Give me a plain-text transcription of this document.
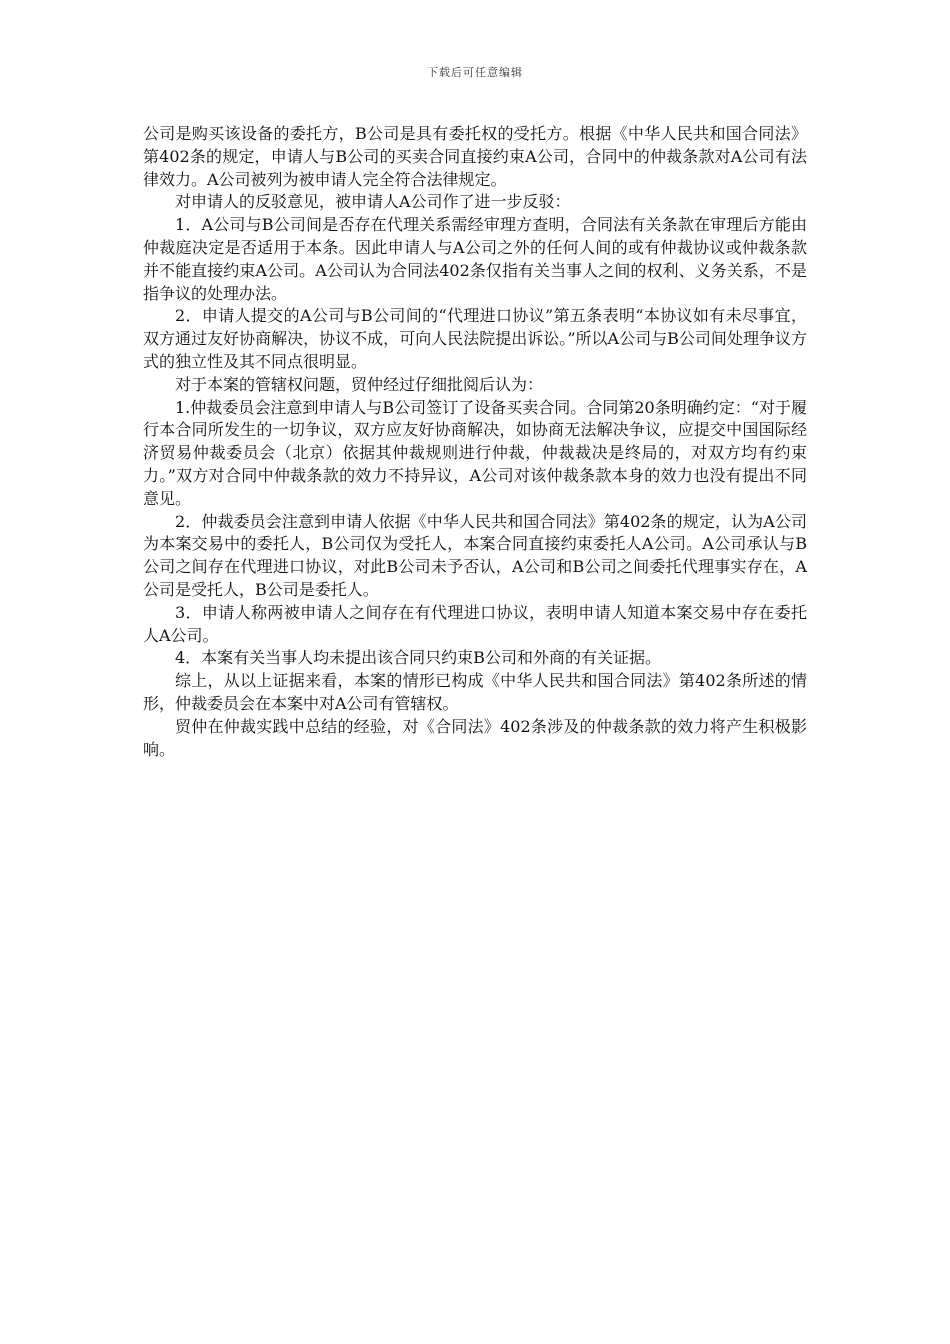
下载后可任意编辑

公司是购买该设备的委托方，B公司是具有委托权的受托方。根据《中华人民共和国合同法》第402条的规定，申请人与B公司的买卖合同直接约束A公司，合同中的仲裁条款对A公司有法律效力。A公司被列为被申请人完全符合法律规定。

对申请人的反驳意见，被申请人A公司作了进一步反驳：

1．A公司与B公司间是否存在代理关系需经审理方查明，合同法有关条款在审理后方能由仲裁庭决定是否适用于本条。因此申请人与A公司之外的任何人间的或有仲裁协议或仲裁条款并不能直接约束A公司。A公司认为合同法402条仅指有关当事人之间的权利、义务关系，不是指争议的处理办法。

2．申请人提交的A公司与B公司间的“代理进口协议”第五条表明“本协议如有未尽事宜，双方通过友好协商解决，协议不成，可向人民法院提出诉讼。”所以A公司与B公司间处理争议方式的独立性及其不同点很明显。

对于本案的管辖权问题，贸仲经过仔细批阅后认为：

1.仲裁委员会注意到申请人与B公司签订了设备买卖合同。合同第20条明确约定：“对于履行本合同所发生的一切争议，双方应友好协商解决，如协商无法解决争议，应提交中国国际经济贸易仲裁委员会（北京）依据其仲裁规则进行仲裁，仲裁裁决是终局的，对双方均有约束力。”双方对合同中仲裁条款的效力不持异议，A公司对该仲裁条款本身的效力也没有提出不同意见。

2．仲裁委员会注意到申请人依据《中华人民共和国合同法》第402条的规定，认为A公司为本案交易中的委托人，B公司仅为受托人，本案合同直接约束委托人A公司。A公司承认与B公司之间存在代理进口协议，对此B公司未予否认，A公司和B公司之间委托代理事实存在，A公司是受托人，B公司是委托人。

3．申请人称两被申请人之间存在有代理进口协议，表明申请人知道本案交易中存在委托人A公司。

4．本案有关当事人均未提出该合同只约束B公司和外商的有关证据。

综上，从以上证据来看，本案的情形已构成《中华人民共和国合同法》第402条所述的情形，仲裁委员会在本案中对A公司有管辖权。

贸仲在仲裁实践中总结的经验，对《合同法》402条涉及的仲裁条款的效力将产生积极影响。
